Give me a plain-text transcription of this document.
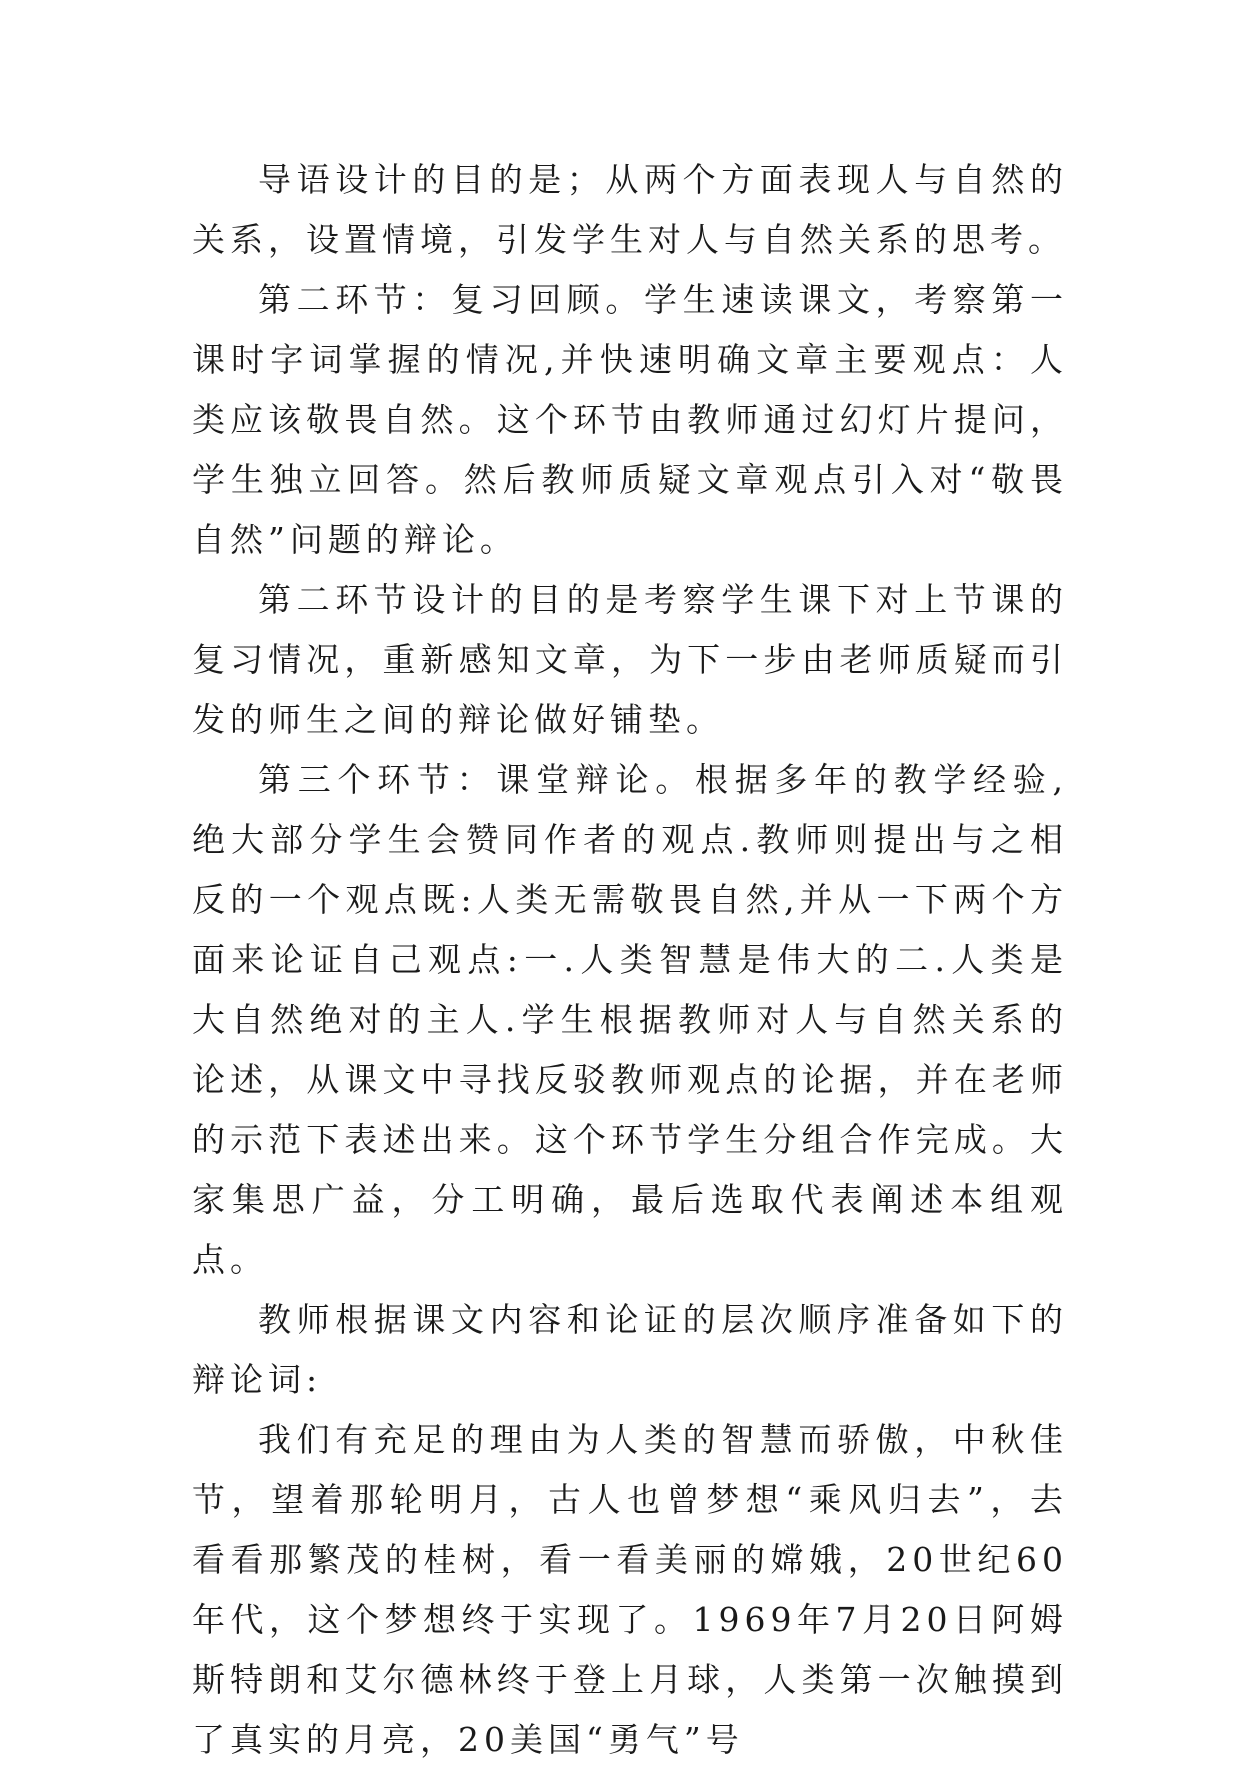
导语设计的目的是；从两个方面表现人与自然的关系，设置情境，引发学生对人与自然关系的思考。

第二环节：复习回顾。学生速读课文，考察第一课时字词掌握的情况,并快速明确文章主要观点：人类应该敬畏自然。这个环节由教师通过幻灯片提问，学生独立回答。然后教师质疑文章观点引入对“敬畏自然”问题的辩论。

第二环节设计的目的是考察学生课下对上节课的复习情况，重新感知文章，为下一步由老师质疑而引发的师生之间的辩论做好铺垫。

第三个环节：课堂辩论。根据多年的教学经验,绝大部分学生会赞同作者的观点.教师则提出与之相反的一个观点既:人类无需敬畏自然,并从一下两个方面来论证自己观点:一.人类智慧是伟大的二.人类是大自然绝对的主人.学生根据教师对人与自然关系的论述，从课文中寻找反驳教师观点的论据，并在老师的示范下表述出来。这个环节学生分组合作完成。大家集思广益，分工明确，最后选取代表阐述本组观点。

教师根据课文内容和论证的层次顺序准备如下的辩论词:

我们有充足的理由为人类的智慧而骄傲，中秋佳节，望着那轮明月，古人也曾梦想“乘风归去”，去看看那繁茂的桂树，看一看美丽的嫦娥，20世纪60年代，这个梦想终于实现了。1969年7月20日阿姆斯特朗和艾尔德林终于登上月球，人类第一次触摸到了真实的月亮，20美国“勇气”号
